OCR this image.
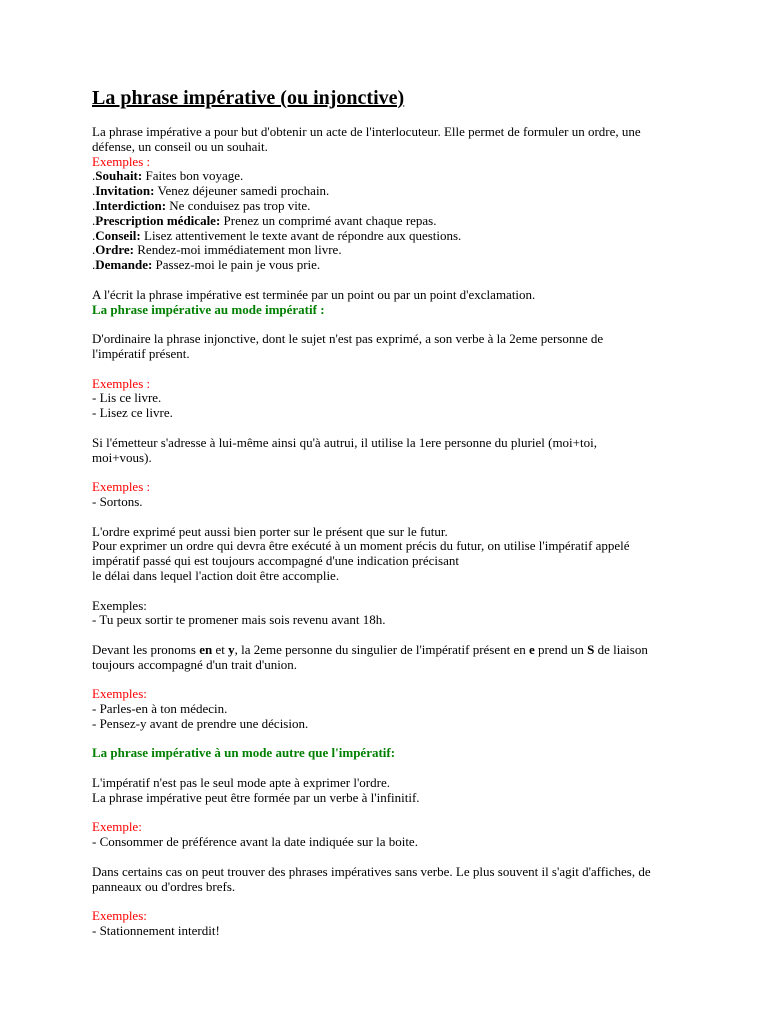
La phrase impérative (ou injonctive)
La phrase impérative a pour but d'obtenir un acte de l'interlocuteur. Elle permet de formuler un ordre, une
défense, un conseil ou un souhait.
Exemples :
.Souhait: Faites bon voyage.
.Invitation: Venez déjeuner samedi prochain.
.Interdiction: Ne conduisez pas trop vite.
.Prescription médicale: Prenez un comprimé avant chaque repas.
.Conseil: Lisez attentivement le texte avant de répondre aux questions.
.Ordre: Rendez-moi immédiatement mon livre.
.Demande: Passez-moi le pain je vous prie.
A l'écrit la phrase impérative est terminée par un point ou par un point d'exclamation.
La phrase impérative au mode impératif :
D'ordinaire la phrase injonctive, dont le sujet n'est pas exprimé, a son verbe à la 2eme personne de
l'impératif présent.
Exemples :
- Lis ce livre.
- Lisez ce livre.
Si l'émetteur s'adresse à lui-même ainsi qu'à autrui, il utilise la 1ere personne du pluriel (moi+toi,
moi+vous).
Exemples :
- Sortons.
L'ordre exprimé peut aussi bien porter sur le présent que sur le futur.
Pour exprimer un ordre qui devra être exécuté à un moment précis du futur, on utilise l'impératif appelé
impératif passé qui est toujours accompagné d'une indication précisant
le délai dans lequel l'action doit être accomplie.
Exemples:
- Tu peux sortir te promener mais sois revenu avant 18h.
Devant les pronoms en et y, la 2eme personne du singulier de l'impératif présent en e prend un S de liaison
toujours accompagné d'un trait d'union.
Exemples:
- Parles-en à ton médecin.
- Pensez-y avant de prendre une décision.
La phrase impérative à un mode autre que l'impératif:
L'impératif n'est pas le seul mode apte à exprimer l'ordre.
La phrase impérative peut être formée par un verbe à l'infinitif.
Exemple:
- Consommer de préférence avant la date indiquée sur la boite.
Dans certains cas on peut trouver des phrases impératives sans verbe. Le plus souvent il s'agit d'affiches, de
panneaux ou d'ordres brefs.
Exemples:
- Stationnement interdit!
